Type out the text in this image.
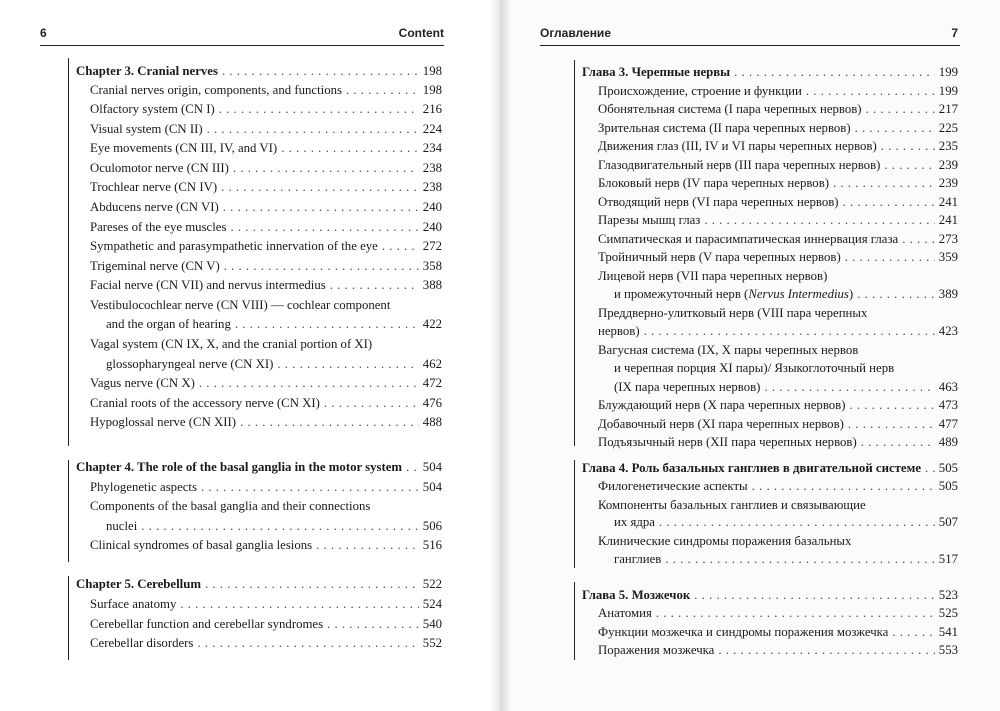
6	Content
Chapter 3. Cranial nerves . . .	198
Cranial nerves origin, components, and functions . . .	198
Olfactory system (CN I) . . .	216
Visual system (CN II) . . .	224
Eye movements (CN III, IV, and VI) . . .	234
Oculomotor nerve (CN III) . . .	238
Trochlear nerve (CN IV) . . .	238
Abducens nerve (CN VI) . . .	240
Pareses of the eye muscles . . .	240
Sympathetic and parasympathetic innervation of the eye . . .	272
Trigeminal nerve (CN V) . . .	358
Facial nerve (CN VII) and nervus intermedius . . .	388
Vestibulocochlear nerve (CN VIII) — cochlear component
and the organ of hearing . . .	422
Vagal system (CN IX, X, and the cranial portion of XI)
glossopharyngeal nerve (CN XI) . . .	462
Vagus nerve (CN X) . . .	472
Cranial roots of the accessory nerve (CN XI) . . .	476
Hypoglossal nerve (CN XII) . . .	488
Chapter 4. The role of the basal ganglia in the motor system . . . 504
Phylogenetic aspects . . .	504
Components of the basal ganglia and their connections
nuclei . . .	506
Clinical syndromes of basal ganglia lesions . . .	516
Chapter 5. Cerebellum . . .	522
Surface anatomy . . .	524
Cerebellar function and cerebellar syndromes . . .	540
Cerebellar disorders . . .	552
Оглавление	7
Глава 3. Черепные нервы . . .	199
Происхождение, строение и функции . . .	199
Обонятельная система (I пара черепных нервов) . . .	217
Зрительная система (II пара черепных нервов) . . .	225
Движения глаз (III, IV и VI пары черепных нервов) . . .	235
Глазодвигательный нерв (III пара черепных нервов) . . .	239
Блоковый нерв (IV пара черепных нервов) . . .	239
Отводящий нерв (VI пара черепных нервов) . . .	241
Парезы мышц глаз . . .	241
Симпатическая и парасимпатическая иннервация глаза . . .	273
Тройничный нерв (V пара черепных нервов) . . .	359
Лицевой нерв (VII пара черепных нервов)
и промежуточный нерв (Nervus Intermedius) . . .	389
Преддверно-улитковый нерв (VIII пара черепных
нервов) . . .	423
Вагусная система (IX, X пары черепных нервов
и черепная порция XI пары)/ Языкоглоточный нерв
(IX пара черепных нервов) . . .	463
Блуждающий нерв (X пара черепных нервов) . . .	473
Добавочный нерв (XI пара черепных нервов) . . .	477
Подъязычный нерв (XII пара черепных нервов) . . .	489
Глава 4. Роль базальных ганглиев в двигательной системе . . . 505
Филогенетические аспекты . . .	505
Компоненты базальных ганглиев и связывающие
их ядра . . .	507
Клинические синдромы поражения базальных
ганглиев . . .	517
Глава 5. Мозжечок . . .	523
Анатомия . . .	525
Функции мозжечка и синдромы поражения мозжечка . . .	541
Поражения мозжечка . . .	553
